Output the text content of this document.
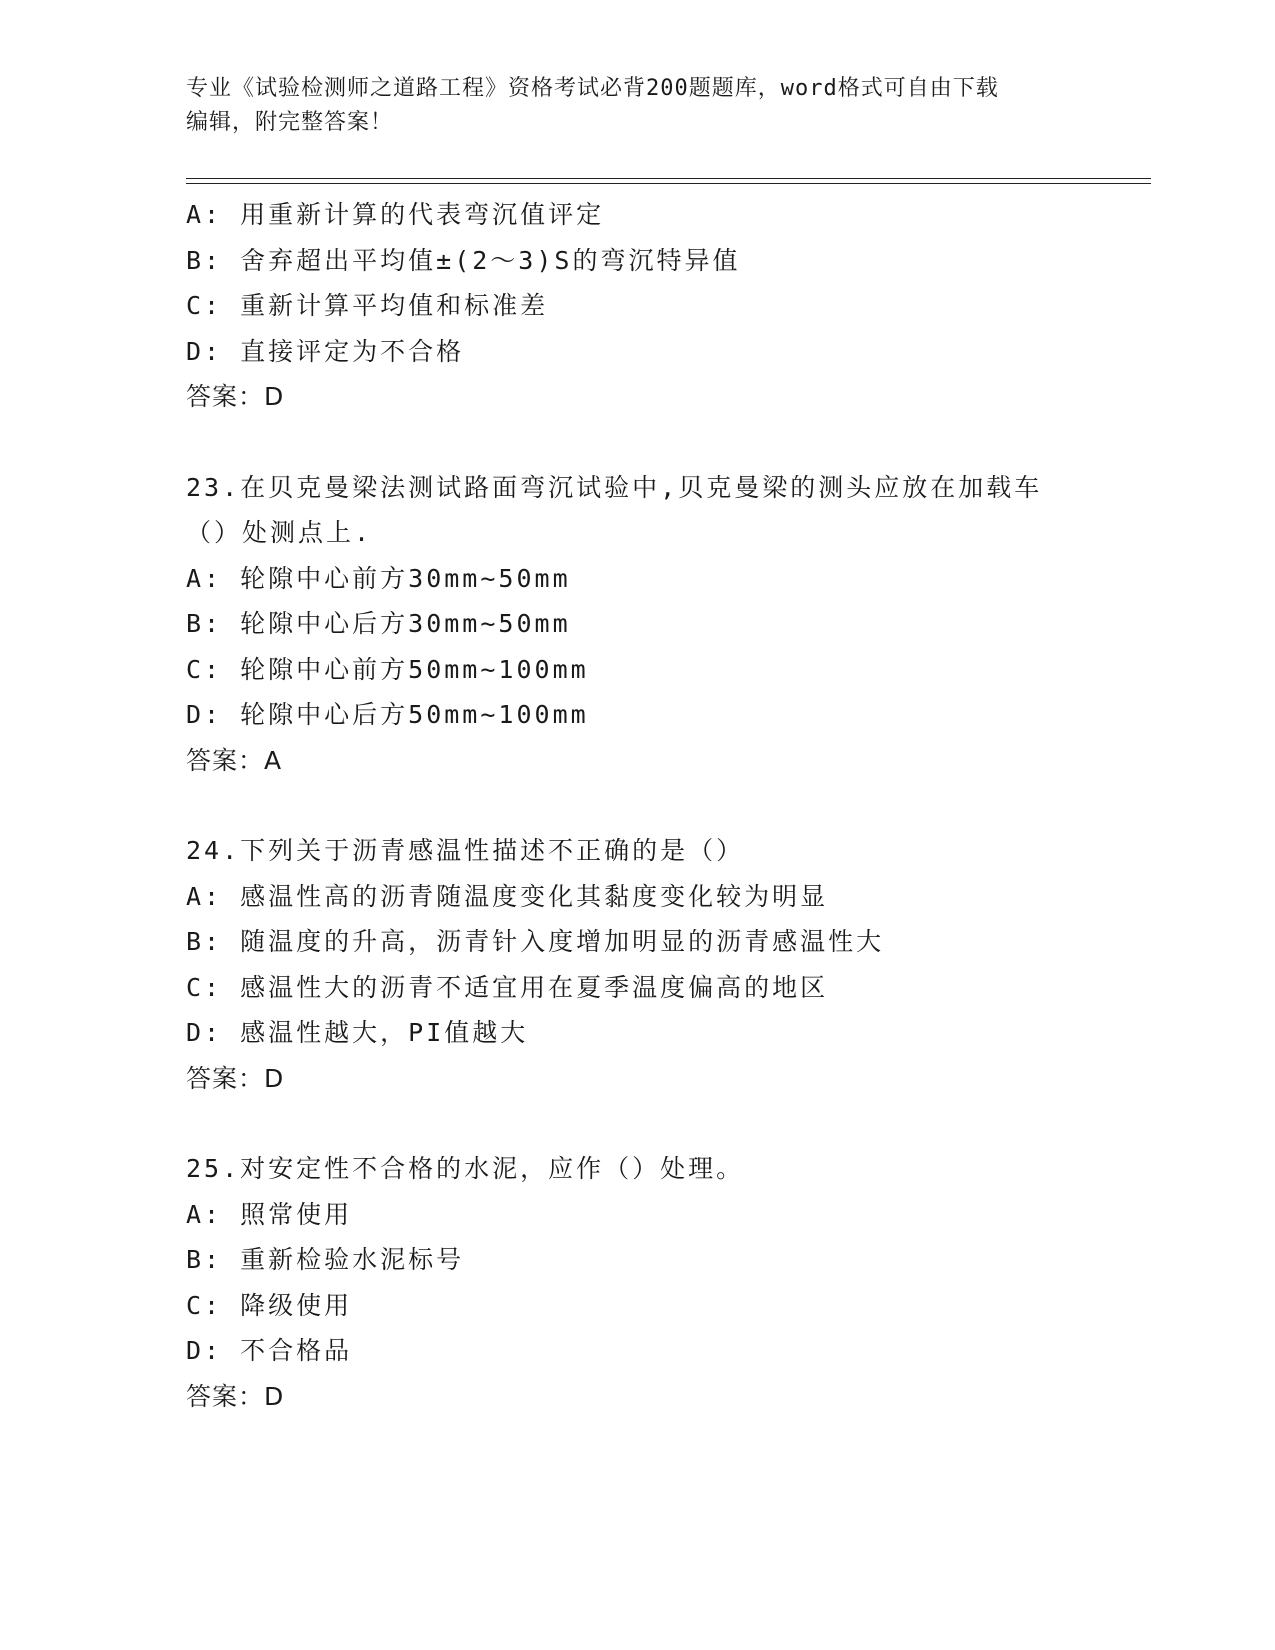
专业《试验检测师之道路工程》资格考试必背200题题库，word格式可自由下载
编辑，附完整答案！
A: 用重新计算的代表弯沉值评定
B: 舍弃超出平均值±(2～3)S的弯沉特异值
C: 重新计算平均值和标准差
D: 直接评定为不合格
答案：D
23.在贝克曼梁法测试路面弯沉试验中,贝克曼梁的测头应放在加载车
（）处测点上.
A: 轮隙中心前方30mm~50mm
B: 轮隙中心后方30mm~50mm
C: 轮隙中心前方50mm~100mm
D: 轮隙中心后方50mm~100mm
答案：A
24.下列关于沥青感温性描述不正确的是（）
A: 感温性高的沥青随温度变化其黏度变化较为明显
B: 随温度的升高，沥青针入度增加明显的沥青感温性大
C: 感温性大的沥青不适宜用在夏季温度偏高的地区
D: 感温性越大，PI值越大
答案：D
25.对安定性不合格的水泥，应作（）处理。
A: 照常使用
B: 重新检验水泥标号
C: 降级使用
D: 不合格品
答案：D
